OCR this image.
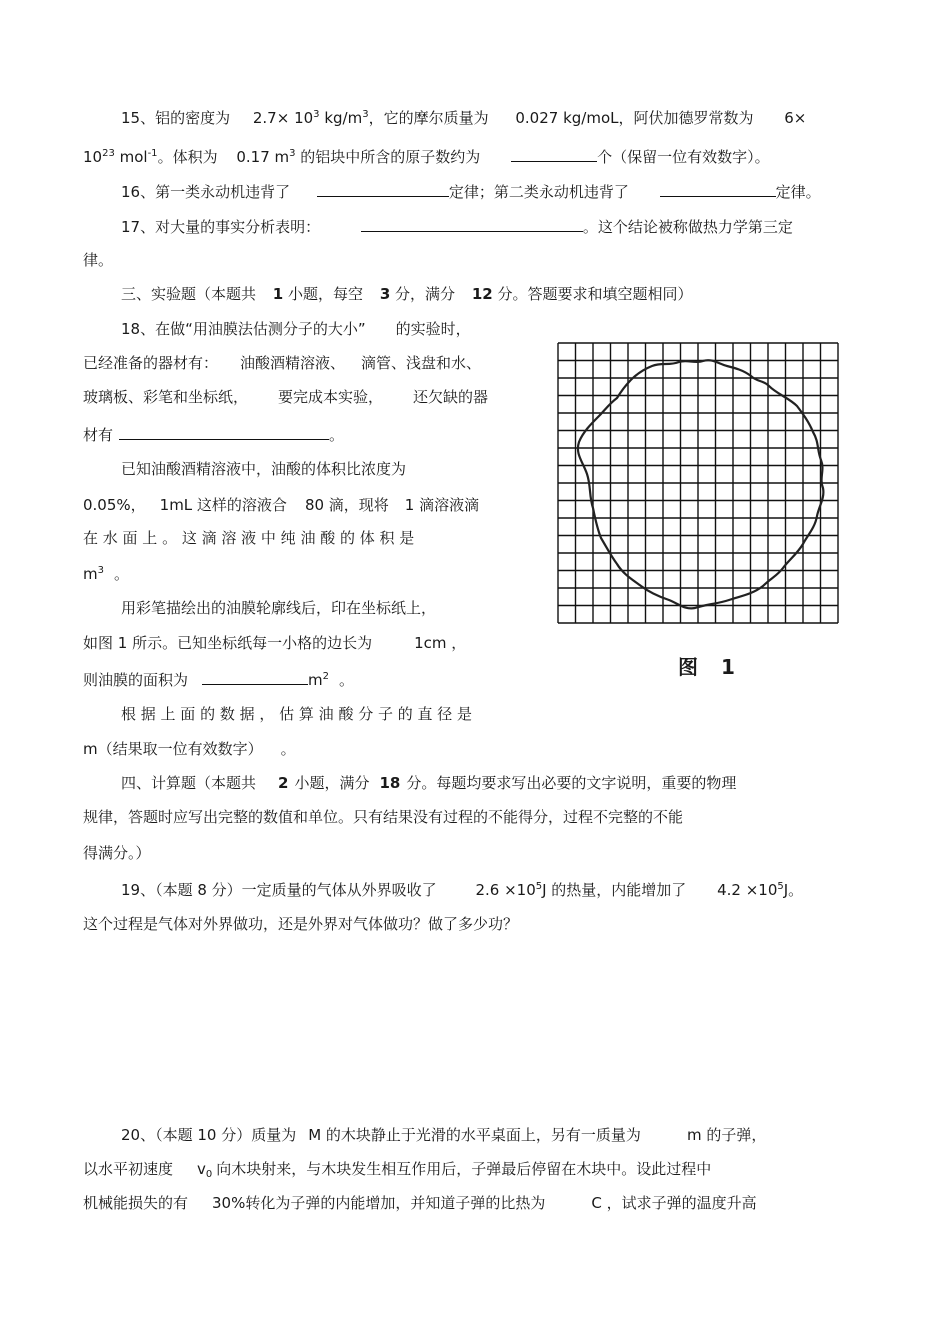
15、铝的密度为 $2.7\times 10^3$ $kg/m^3$，它的摩尔质量为 0.027 kg/moL，阿伏加德罗常数为 6×
$10^{23}$ mol$^{-1}$。体积为 0.17 $m^3$ 的铝块中所含的原子数约为	个（保留一位有效数字）。
16、第一类永动机违背了	定律；第二类永动机违背了	定律。
17、对大量的事实分析表明：	。这个结论被称做热力学第三定
律。
三、实验题（本题共 1 小题，每空 3 分，满分 12 分。答题要求和填空题相同）
18、在做“用油膜法估测分子的大小” 的实验时，
已经准备的器材有： 油酸酒精溶液、 滴管、浅盘和水、
玻璃板、彩笔和坐标纸， 要完成本实验， 还欠缺的器
材有	。
已知油酸酒精溶液中，油酸的体积比浓度为
0.05%， 1mL 这样的溶液合 80 滴，现将 1 滴溶液滴
在 水 面 上 。 这 滴 溶 液 中 纯 油 酸 的 体 积 是
$m^3$ 。
用彩笔描绘出的油膜轮廓线后，印在坐标纸上，
如图 1 所示。已知坐标纸每一小格的边长为	1cm ，
则油膜的面积为	$m^2$ 。
根 据 上 面 的 数 据 ， 估 算 油 酸 分 子 的 直 径 是
m（结果取一位有效数字） 。
图 1
四、计算题（本题共 2 小题，满分 18 分。每题均要求写出必要的文字说明，重要的物理
规律，答题时应写出完整的数值和单位。只有结果没有过程的不能得分，过程不完整的不能
得满分。）
19、（本题 8 分）一定质量的气体从外界吸收了	$2.6 \times 10^5J$ 的热量，内能增加了 $4.2 \times 10^5J$。
这个过程是气体对外界做功，还是外界对气体做功？做了多少功？
20、（本题 10 分）质量为 M 的木块静止于光滑的水平桌面上，另有一质量为	m 的子弹，
以水平初速度 $v_0$ 向木块射来，与木块发生相互作用后，子弹最后停留在木块中。设此过程中
机械能损失的有 30%转化为子弹的内能增加，并知道子弹的比热为	C ，试求子弹的温度升高
